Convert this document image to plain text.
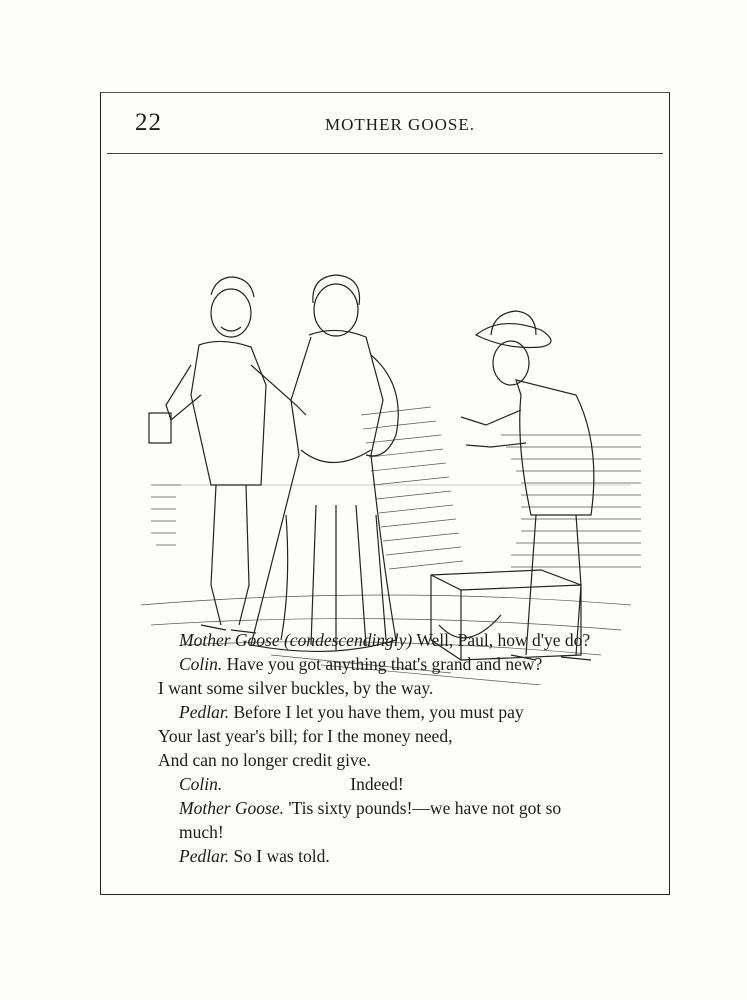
22	MOTHER GOOSE.
Mother Goose (condescendingly) Well, Paul, how d'ye do?
Colin. Have you got anything that's grand and new?
I want some silver buckles, by the way.
Pedlar. Before I let you have them, you must pay
Your last year's bill; for I the money need,
And can no longer credit give.
Colin.	Indeed!
Mother Goose. 'Tis sixty pounds!—we have not got so
much!
Pedlar. So I was told.
